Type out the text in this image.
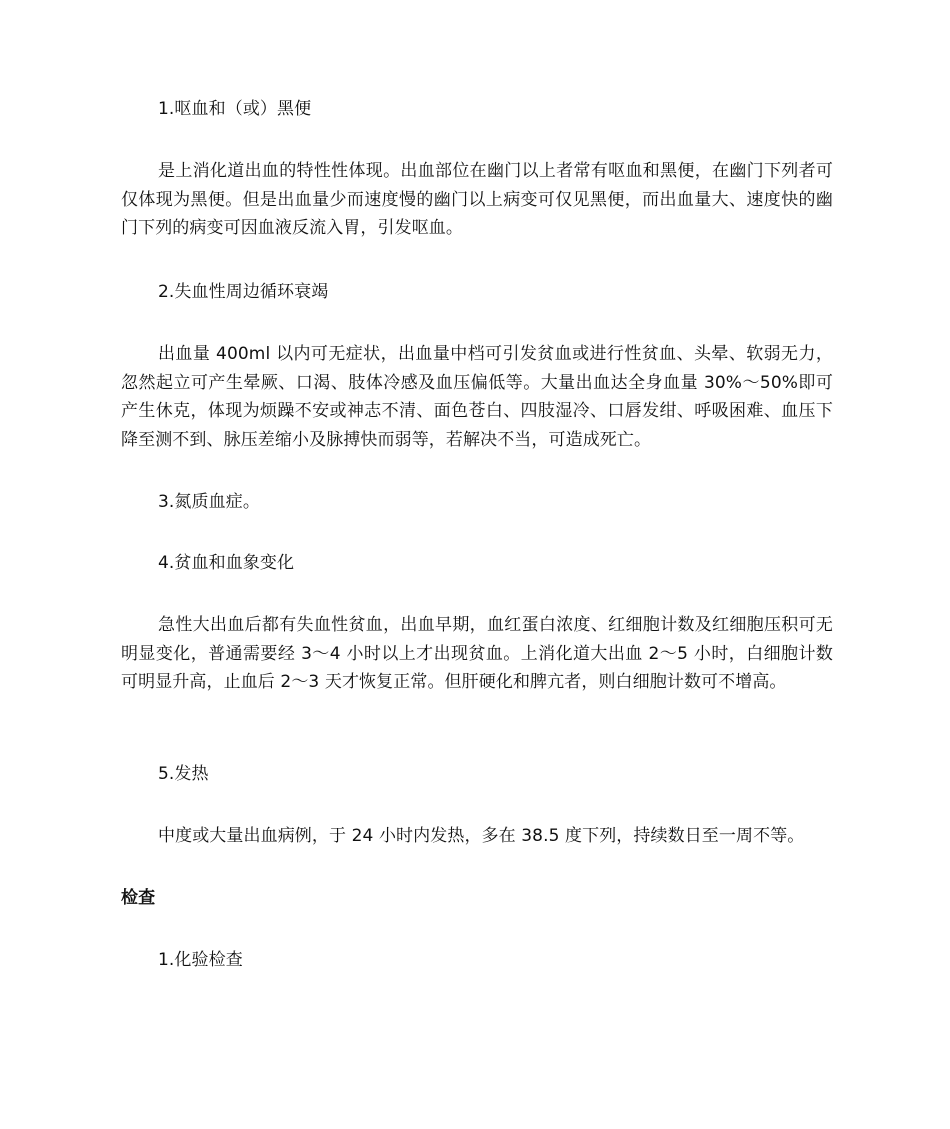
1.呕血和（或）黑便

是上消化道出血的特性性体现。出血部位在幽门以上者常有呕血和黑便，在幽门下列者可仅体现为黑便。但是出血量少而速度慢的幽门以上病变可仅见黑便，而出血量大、速度快的幽门下列的病变可因血液反流入胃，引发呕血。

2.失血性周边循环衰竭

出血量 400ml 以内可无症状，出血量中档可引发贫血或进行性贫血、头晕、软弱无力，忽然起立可产生晕厥、口渴、肢体冷感及血压偏低等。大量出血达全身血量 30%～50%即可产生休克，体现为烦躁不安或神志不清、面色苍白、四肢湿冷、口唇发绀、呼吸困难、血压下降至测不到、脉压差缩小及脉搏快而弱等，若解决不当，可造成死亡。

3.氮质血症。

4.贫血和血象变化

急性大出血后都有失血性贫血，出血早期，血红蛋白浓度、红细胞计数及红细胞压积可无明显变化，普通需要经 3～4 小时以上才出现贫血。上消化道大出血 2～5 小时，白细胞计数可明显升高，止血后 2～3 天才恢复正常。但肝硬化和脾亢者，则白细胞计数可不增高。

5.发热

中度或大量出血病例，于 24 小时内发热，多在 38.5 度下列，持续数日至一周不等。

检查

1.化验检查
